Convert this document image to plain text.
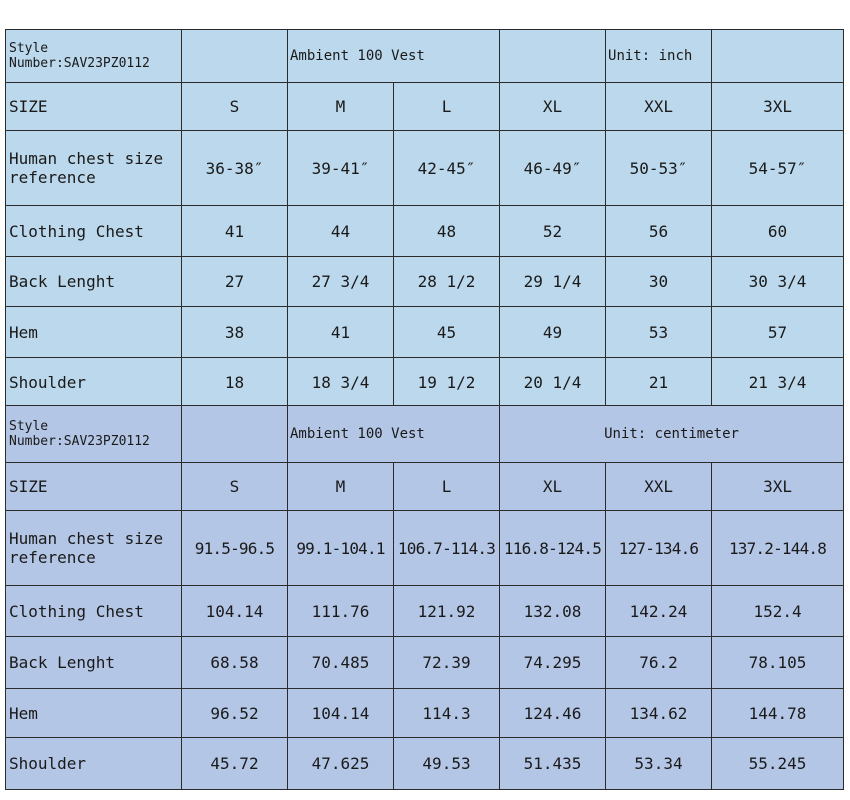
Style
Number:SAV23PZ0112		Ambient 100 Vest			Unit: inch	
SIZE	S	M	L	XL	XXL	3XL
Human chest size reference	36-38″	39-41″	42-45″	46-49″	50-53″	54-57″
Clothing Chest	41	44	48	52	56	60
Back Lenght	27	27 3/4	28 1/2	29 1/4	30	30 3/4
Hem	38	41	45	49	53	57
Shoulder	18	18 3/4	19 1/2	20 1/4	21	21 3/4
Style
Number:SAV23PZ0112		Ambient 100 Vest		Unit: centimeter		
SIZE	S	M	L	XL	XXL	3XL
Human chest size reference	91.5-96.5	99.1-104.1	106.7-114.3	116.8-124.5	127-134.6	137.2-144.8
Clothing Chest	104.14	111.76	121.92	132.08	142.24	152.4
Back Lenght	68.58	70.485	72.39	74.295	76.2	78.105
Hem	96.52	104.14	114.3	124.46	134.62	144.78
Shoulder	45.72	47.625	49.53	51.435	53.34	55.245
